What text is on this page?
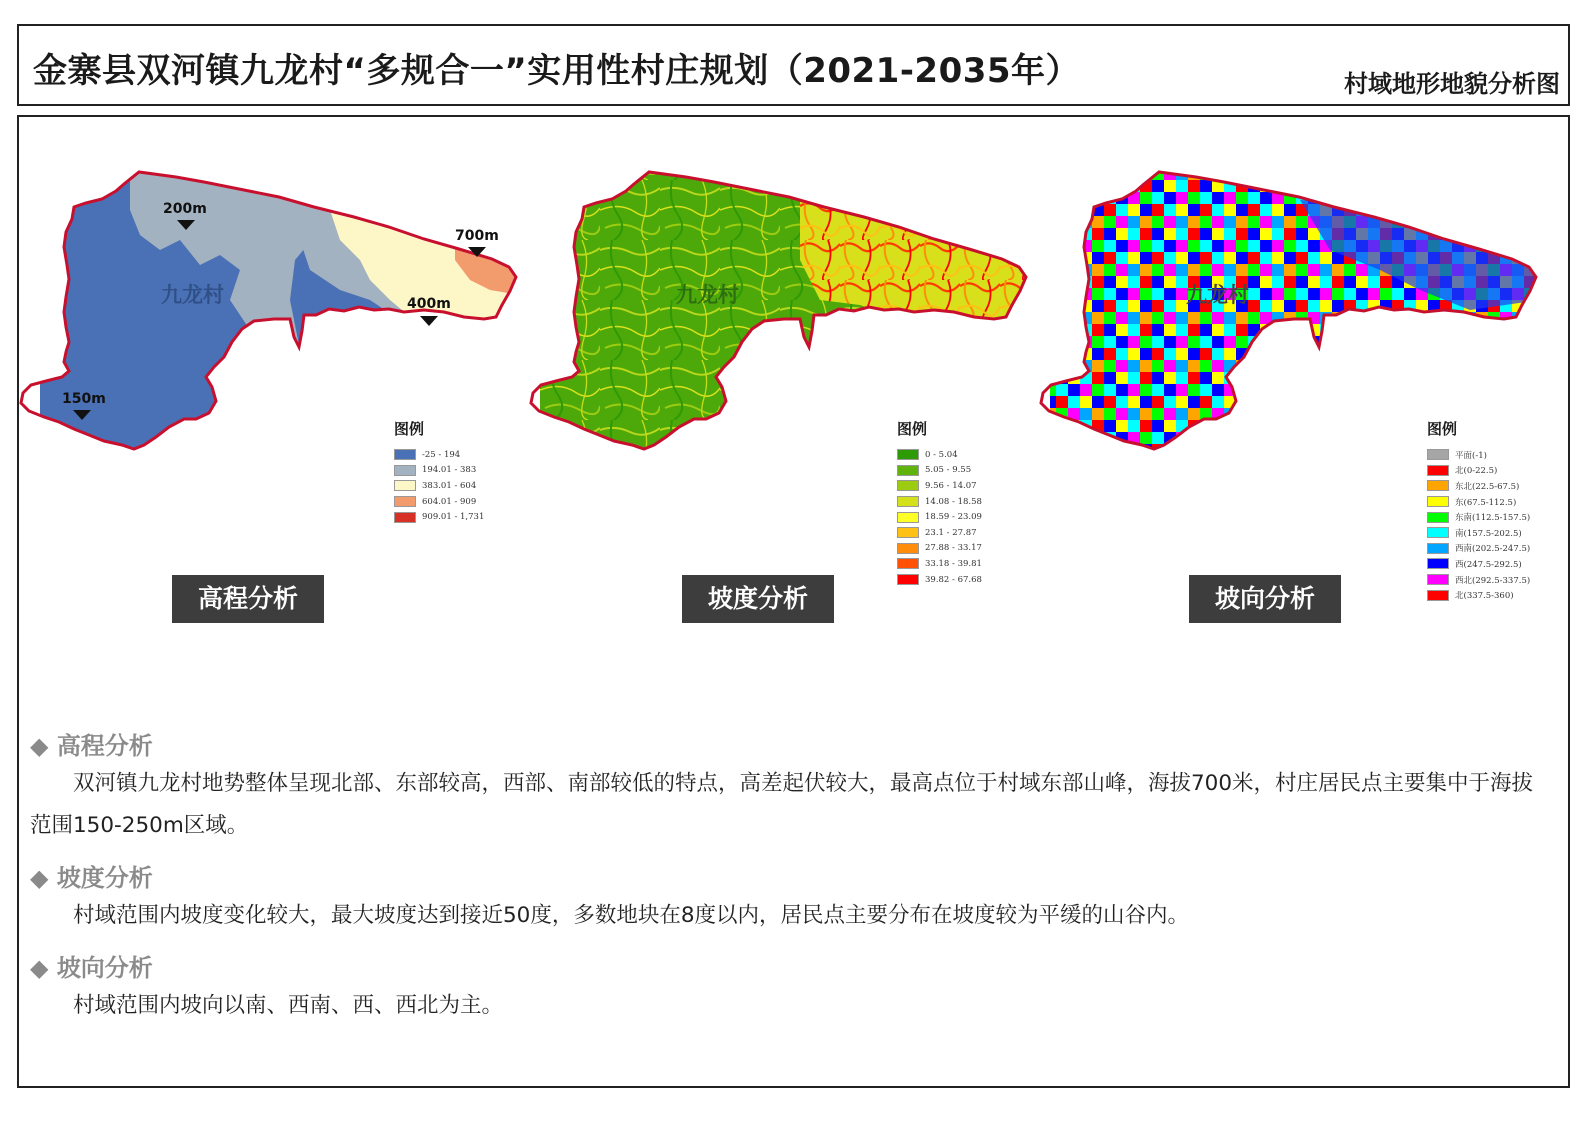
金寨县双河镇九龙村“多规合一”实用性村庄规划（2021-2035年）	村域地形地貌分析图
九龙村
200m
700m
400m
150m
九龙村	九龙村
图例
-25 - 194
194.01 - 383
383.01 - 604
604.01 - 909
909.01 - 1,731
图例
0 - 5.04
5.05 - 9.55
9.56 - 14.07
14.08 - 18.58
18.59 - 23.09
23.1 - 27.87
27.88 - 33.17
33.18 - 39.81
39.82 - 67.68
图例
平面(-1)
北(0-22.5)
东北(22.5-67.5)
东(67.5-112.5)
东南(112.5-157.5)
南(157.5-202.5)
西南(202.5-247.5)
西(247.5-292.5)
西北(292.5-337.5)
北(337.5-360)
高程分析	坡度分析	坡向分析
◆ 高程分析
双河镇九龙村地势整体呈现北部、东部较高，西部、南部较低的特点，高差起伏较大，最高点位于村域东部山峰，海拔700米，村庄居民点主要集中于海拔范围150-250m区域。
◆ 坡度分析
村域范围内坡度变化较大，最大坡度达到接近50度，多数地块在8度以内，居民点主要分布在坡度较为平缓的山谷内。
◆ 坡向分析
村域范围内坡向以南、西南、西、西北为主。
